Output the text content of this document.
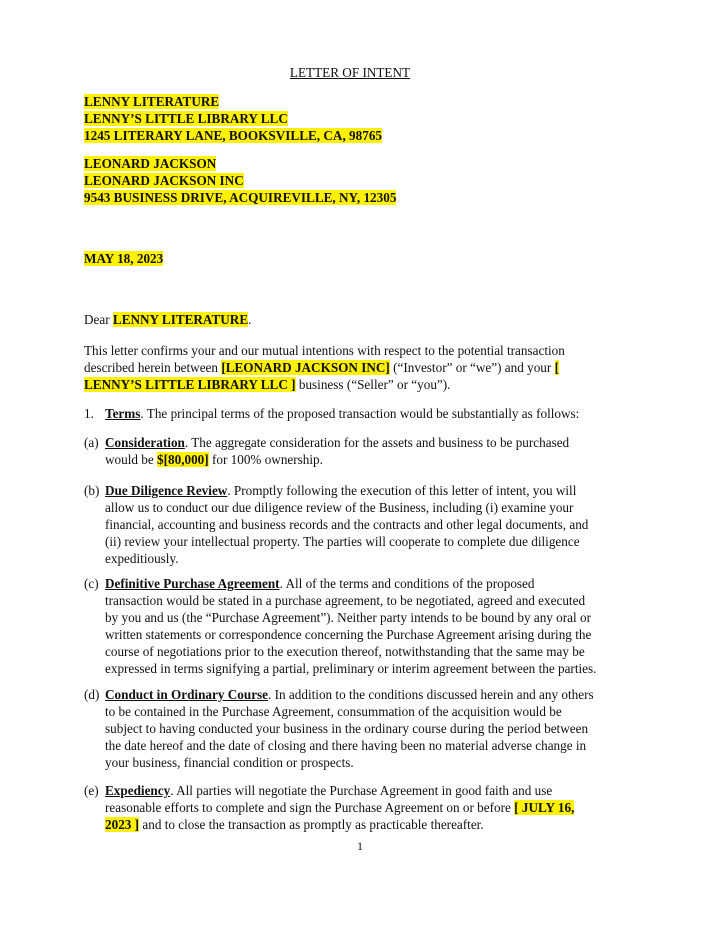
LETTER OF INTENT
LENNY LITERATURE
LENNY’S LITTLE LIBRARY LLC
1245 LITERARY LANE, BOOKSVILLE, CA, 98765
LEONARD JACKSON
LEONARD JACKSON INC
9543 BUSINESS DRIVE, ACQUIREVILLE, NY, 12305
MAY 18, 2023
Dear LENNY LITERATURE.
This letter confirms your and our mutual intentions with respect to the potential transaction
described herein between [LEONARD JACKSON INC] (“Investor” or “we”) and your [
LENNY’S LITTLE LIBRARY LLC ] business (“Seller” or “you”).
1. Terms. The principal terms of the proposed transaction would be substantially as follows:
(a) Consideration. The aggregate consideration for the assets and business to be purchased
would be $[80,000] for 100% ownership.
(b) Due Diligence Review. Promptly following the execution of this letter of intent, you will
allow us to conduct our due diligence review of the Business, including (i) examine your
financial, accounting and business records and the contracts and other legal documents, and
(ii) review your intellectual property. The parties will cooperate to complete due diligence
expeditiously.
(c) Definitive Purchase Agreement. All of the terms and conditions of the proposed
transaction would be stated in a purchase agreement, to be negotiated, agreed and executed
by you and us (the “Purchase Agreement”). Neither party intends to be bound by any oral or
written statements or correspondence concerning the Purchase Agreement arising during the
course of negotiations prior to the execution thereof, notwithstanding that the same may be
expressed in terms signifying a partial, preliminary or interim agreement between the parties.
(d) Conduct in Ordinary Course. In addition to the conditions discussed herein and any others
to be contained in the Purchase Agreement, consummation of the acquisition would be
subject to having conducted your business in the ordinary course during the period between
the date hereof and the date of closing and there having been no material adverse change in
your business, financial condition or prospects.
(e) Expediency. All parties will negotiate the Purchase Agreement in good faith and use
reasonable efforts to complete and sign the Purchase Agreement on or before [ JULY 16,
2023 ] and to close the transaction as promptly as practicable thereafter.
1
